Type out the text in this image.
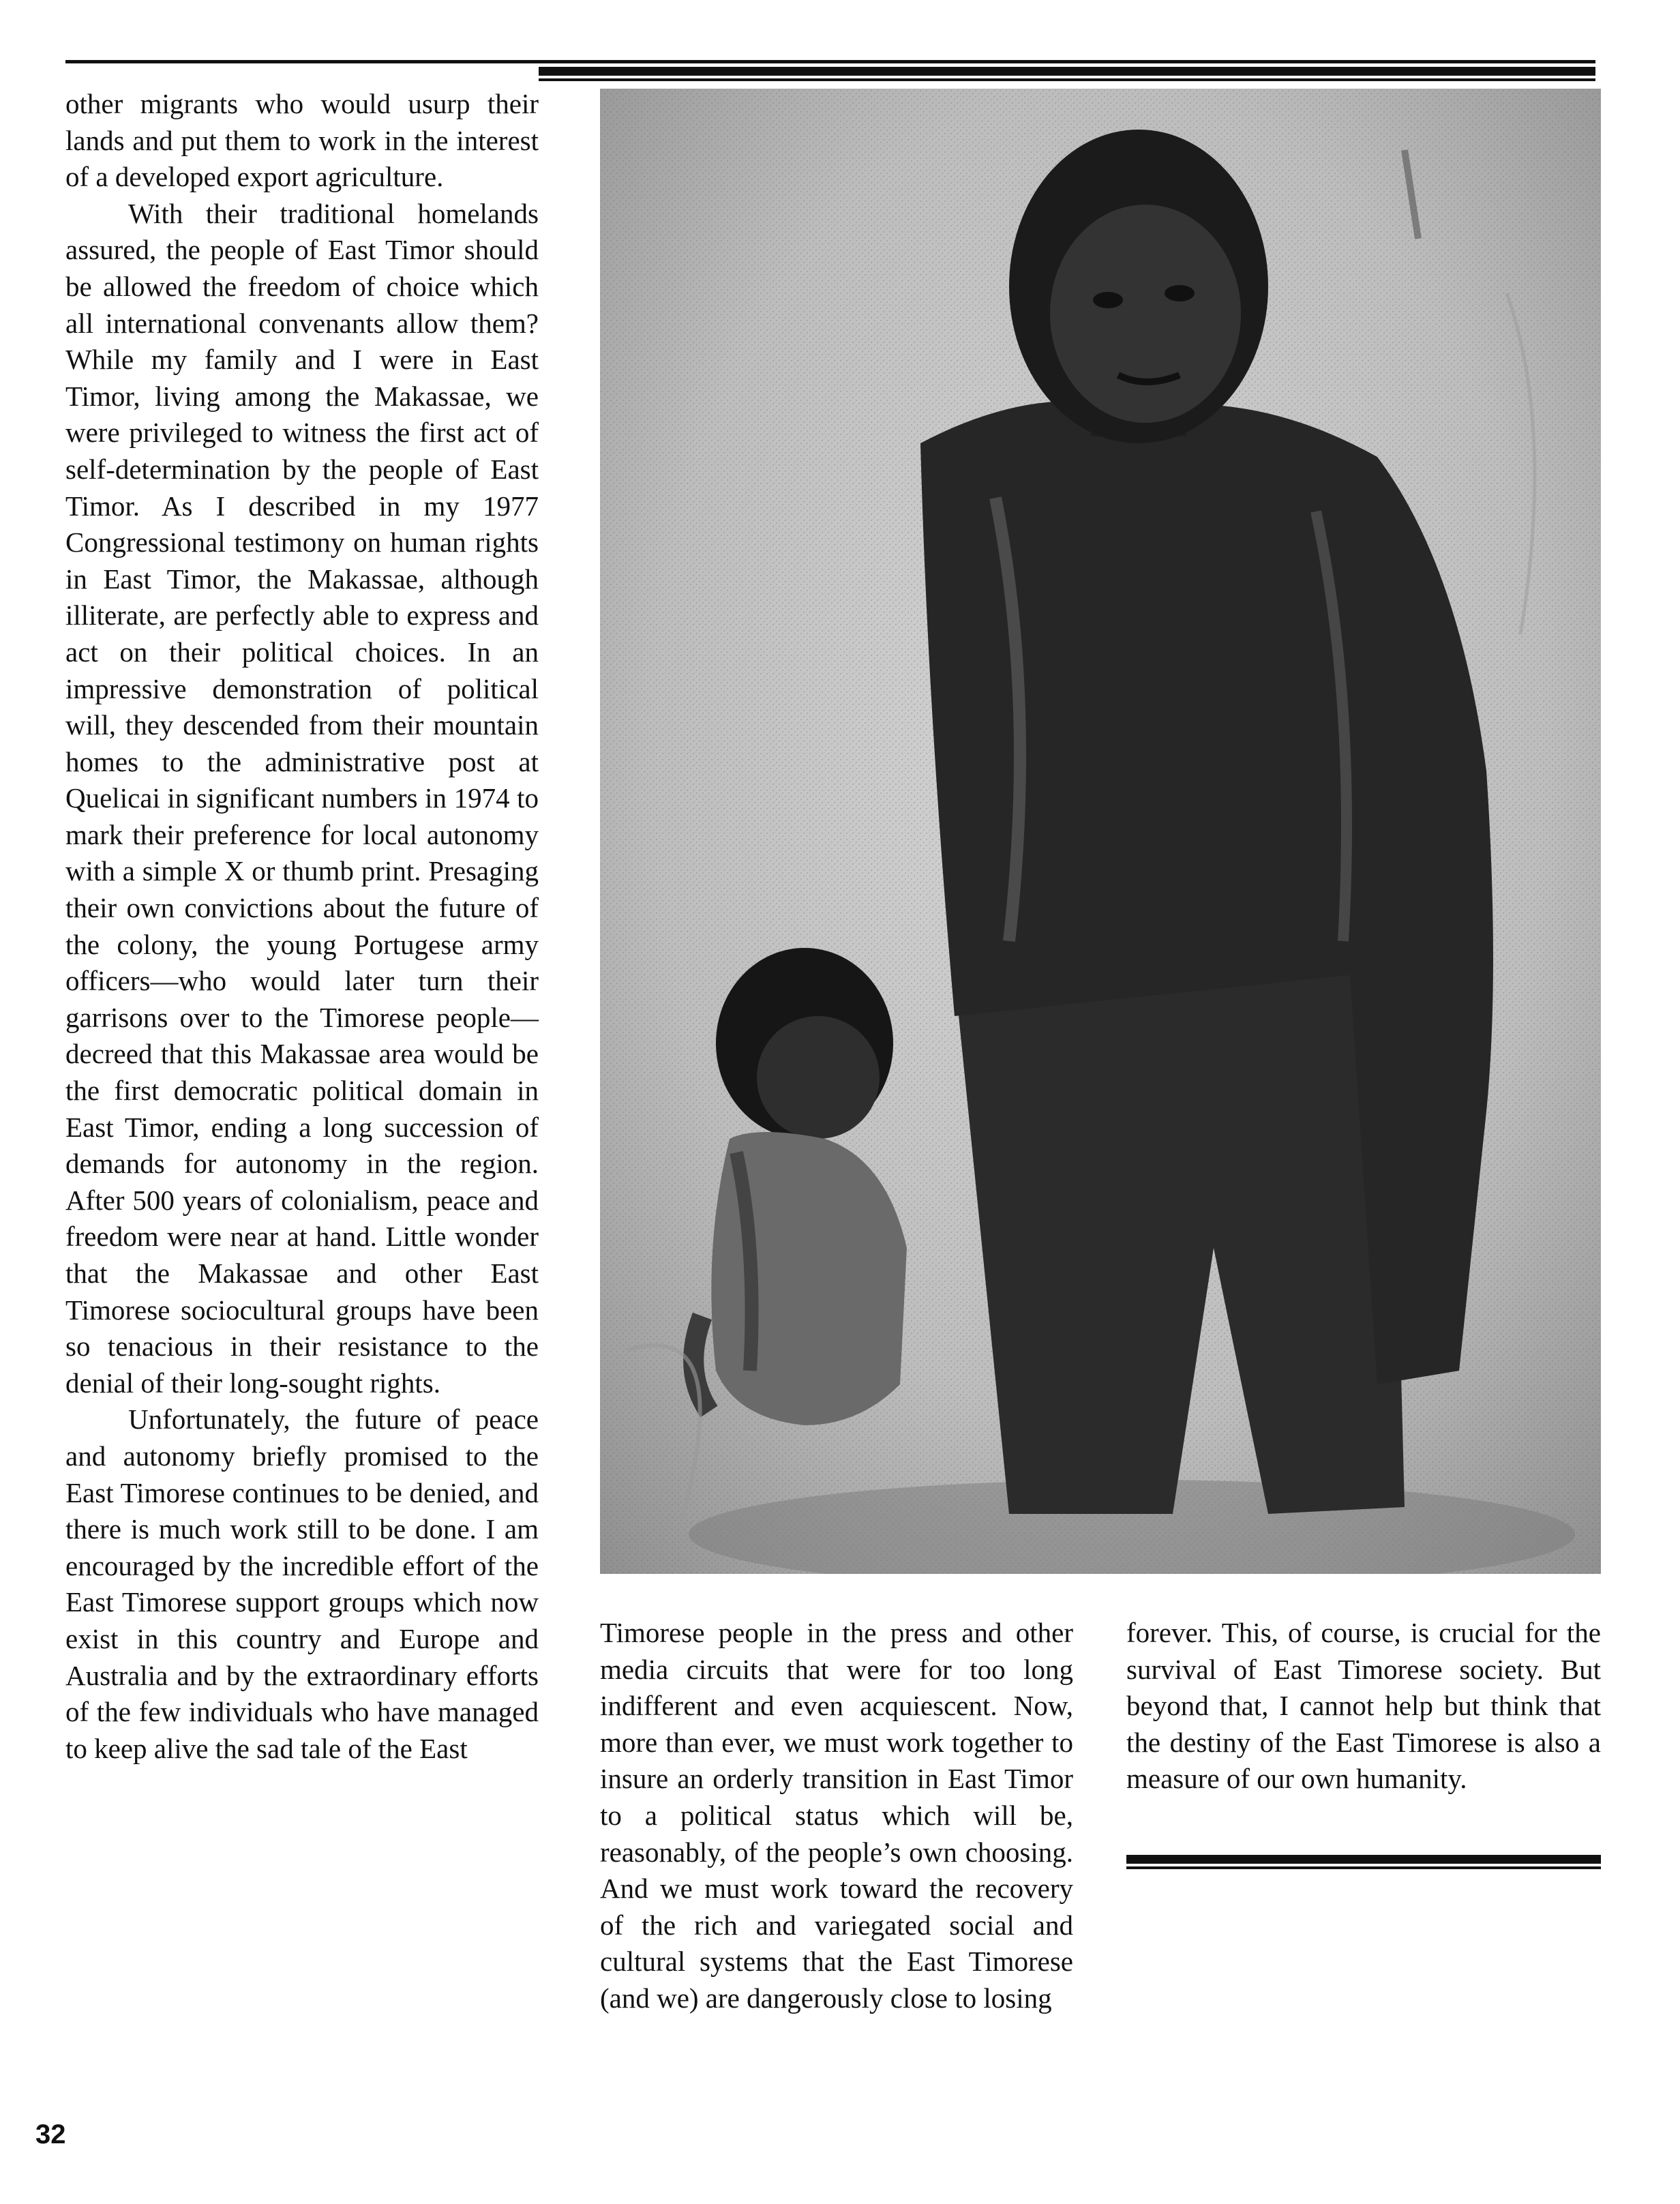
other migrants who would usurp their lands and put them to work in the interest of a developed export agriculture.

With their traditional homelands assured, the people of East Timor should be allowed the freedom of choice which all international convenants allow them? While my family and I were in East Timor, living among the Makassae, we were privileged to witness the first act of self-determination by the people of East Timor. As I described in my 1977 Congressional testimony on human rights in East Timor, the Makassae, although illiterate, are perfectly able to express and act on their political choices. In an impressive demonstration of political will, they descended from their mountain homes to the administrative post at Quelicai in significant numbers in 1974 to mark their preference for local autonomy with a simple X or thumb print. Presaging their own convictions about the future of the colony, the young Portugese army officers—who would later turn their garrisons over to the Timorese people—decreed that this Makassae area would be the first democratic political domain in East Timor, ending a long succession of demands for autonomy in the region. After 500 years of colonialism, peace and freedom were near at hand. Little wonder that the Makassae and other East Timorese sociocultural groups have been so tenacious in their resistance to the denial of their long-sought rights.

Unfortunately, the future of peace and autonomy briefly promised to the East Timorese continues to be denied, and there is much work still to be done. I am encouraged by the incredible effort of the East Timorese support groups which now exist in this country and Europe and Australia and by the extraordinary efforts of the few individuals who have managed to keep alive the sad tale of the East

Timorese people in the press and other media circuits that were for too long indifferent and even acquiescent. Now, more than ever, we must work together to insure an orderly transition in East Timor to a political status which will be, reasonably, of the people’s own choosing. And we must work toward the recovery of the rich and variegated social and cultural systems that the East Timorese (and we) are dangerously close to losing

forever. This, of course, is crucial for the survival of East Timorese society. But beyond that, I cannot help but think that the destiny of the East Timorese is also a measure of our own humanity.

32
